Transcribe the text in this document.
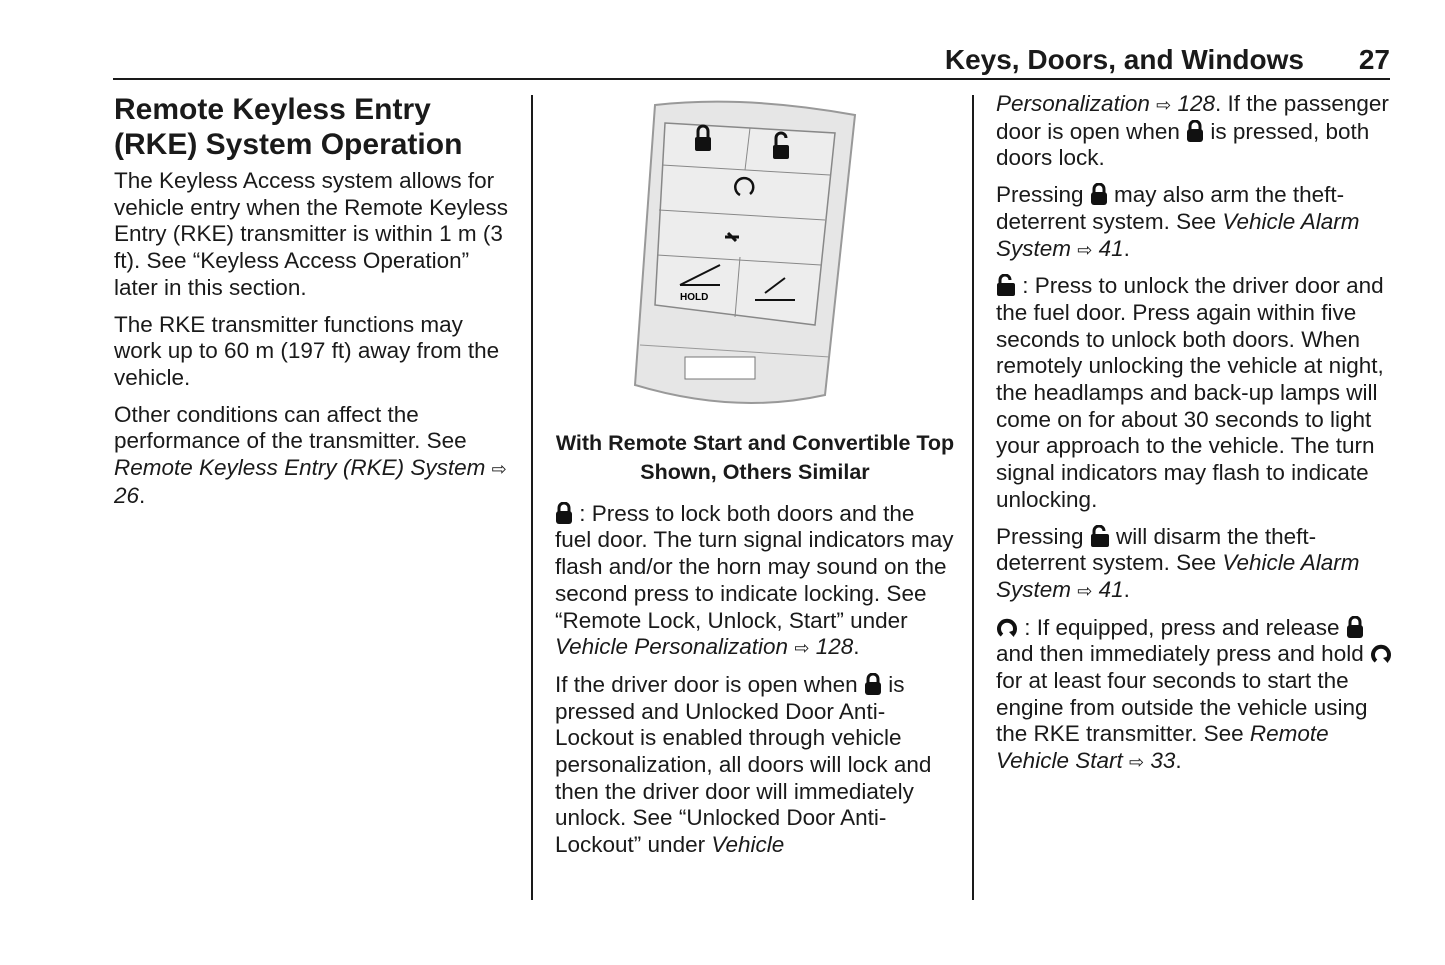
Keys, Doors, and Windows 27
Remote Keyless Entry (RKE) System Operation

The Keyless Access system allows for vehicle entry when the Remote Keyless Entry (RKE) transmitter is within 1 m (3 ft). See “Keyless Access Operation” later in this section.

The RKE transmitter functions may work up to 60 m (197 ft) away from the vehicle.

Other conditions can affect the performance of the transmitter. See Remote Keyless Entry (RKE) System ⇨ 26.

HOLD

With Remote Start and Convertible Top Shown, Others Similar

: Press to lock both doors and the fuel door. The turn signal indicators may flash and/or the horn may sound on the second press to indicate locking. See “Remote Lock, Unlock, Start” under Vehicle Personalization ⇨ 128.

If the driver door is open when  is pressed and Unlocked Door Anti-Lockout is enabled through vehicle personalization, all doors will lock and then the driver door will immediately unlock. See “Unlocked Door Anti-Lockout” under Vehicle

Personalization ⇨ 128. If the passenger door is open when  is pressed, both doors lock.

Pressing  may also arm the theft-deterrent system. See Vehicle Alarm System ⇨ 41.

: Press to unlock the driver door and the fuel door. Press again within five seconds to unlock both doors. When remotely unlocking the vehicle at night, the headlamps and back-up lamps will come on for about 30 seconds to light your approach to the vehicle. The turn signal indicators may flash to indicate unlocking.

Pressing  will disarm the theft-deterrent system. See Vehicle Alarm System ⇨ 41.

: If equipped, press and release  and then immediately press and hold  for at least four seconds to start the engine from outside the vehicle using the RKE transmitter. See Remote Vehicle Start ⇨ 33.
